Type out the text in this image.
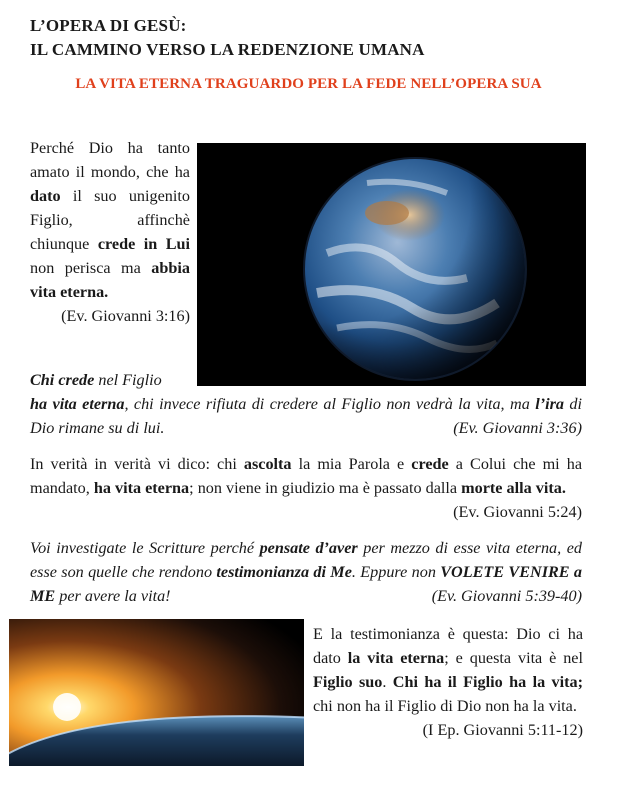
L’OPERA DI GESÙ:
IL CAMMINO VERSO LA REDENZIONE UMANA
LA VITA ETERNA TRAGUARDO PER LA FEDE NELL’OPERA SUA

Perché Dio ha tanto amato il mondo, che ha dato il suo unigenito Figlio, affinchè chiunque crede in Lui non perisca ma abbia vita eterna.
(Ev. Giovanni 3:16)

Chi crede nel Figlio
ha vita eterna, chi invece rifiuta di credere al Figlio non vedrà la vita, ma l’ira di Dio rimane su di lui.	(Ev. Giovanni 3:36)

In verità in verità vi dico: chi ascolta la mia Parola e crede a Colui che mi ha mandato, ha vita eterna; non viene in giudizio ma è passato dalla morte alla vita.
(Ev. Giovanni 5:24)

Voi investigate le Scritture perché pensate d’aver per mezzo di esse vita eterna, ed esse son quelle che rendono testimonianza di Me. Eppure non VOLETE VENIRE a ME per avere la vita!	(Ev. Giovanni 5:39-40)

E la testimonianza è questa: Dio ci ha dato la vita eterna; e questa vita è nel Figlio suo. Chi ha il Figlio ha la vita; chi non ha il Figlio di Dio non ha la vita.
(I Ep. Giovanni 5:11-12)
